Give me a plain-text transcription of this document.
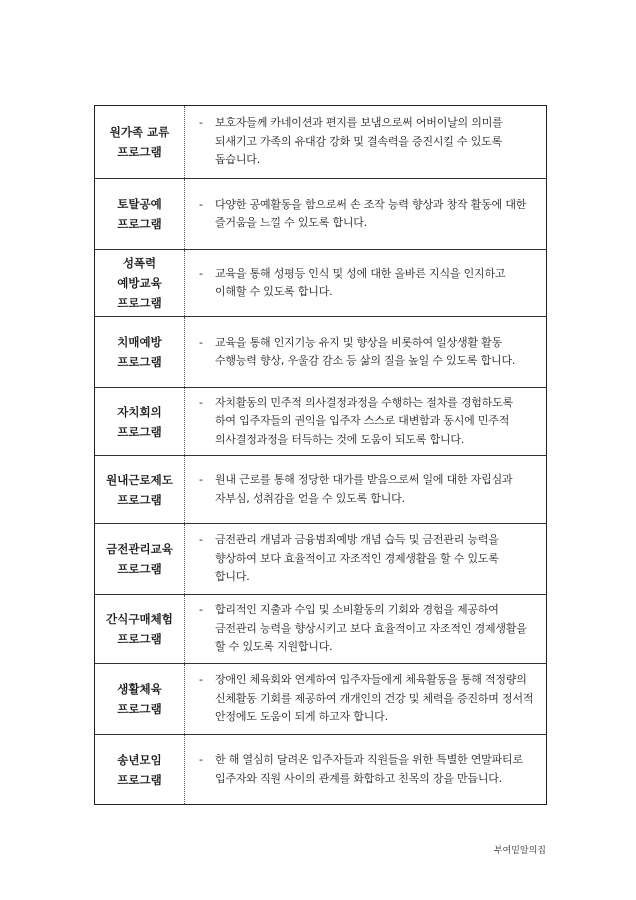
원가족 교류
프로그램	- 보호자들께 카네이션과 편지를 보냄으로써 어버이날의 의미를 되새기고 가족의 유대감 강화 및 결속력을 증진시킬 수 있도록 돕습니다.

토탈공예
프로그램	- 다양한 공예활동을 함으로써 손 조작 능력 향상과 창작 활동에 대한 즐거움을 느낄 수 있도록 합니다.

성폭력
예방교육
프로그램	- 교육을 통해 성평등 인식 및 성에 대한 올바른 지식을 인지하고 이해할 수 있도록 합니다.

치매예방
프로그램	- 교육을 통해 인지기능 유지 및 향상을 비롯하여 일상생활 활동 수행능력 향상, 우울감 감소 등 삶의 질을 높일 수 있도록 합니다.

자치회의
프로그램	- 자치활동의 민주적 의사결정과정을 수행하는 절차를 경험하도록 하여 입주자들의 권익을 입주자 스스로 대변함과 동시에 민주적 의사결정과정을 터득하는 것에 도움이 되도록 합니다.

원내근로제도
프로그램	- 원내 근로를 통해 정당한 대가를 받음으로써 일에 대한 자립심과 자부심, 성취감을 얻을 수 있도록 합니다.

금전관리교육
프로그램	- 금전관리 개념과 금융범죄예방 개념 습득 및 금전관리 능력을 향상하여 보다 효율적이고 자조적인 경제생활을 할 수 있도록 합니다.

간식구매체험
프로그램	- 합리적인 지출과 수입 및 소비활동의 기회와 경험을 제공하여 금전관리 능력을 향상시키고 보다 효율적이고 자조적인 경제생활을 할 수 있도록 지원합니다.

생활체육
프로그램	- 장애인 체육회와 연계하여 입주자들에게 체육활동을 통해 적정량의 신체활동 기회를 제공하여 개개인의 건강 및 체력을 증진하며 정서적 안정에도 도움이 되게 하고자 합니다.

송년모임
프로그램	- 한 해 열심히 달려온 입주자들과 직원들을 위한 특별한 연말파티로 입주자와 직원 사이의 관계를 화합하고 친목의 장을 만듭니다.
부여밑알의집
